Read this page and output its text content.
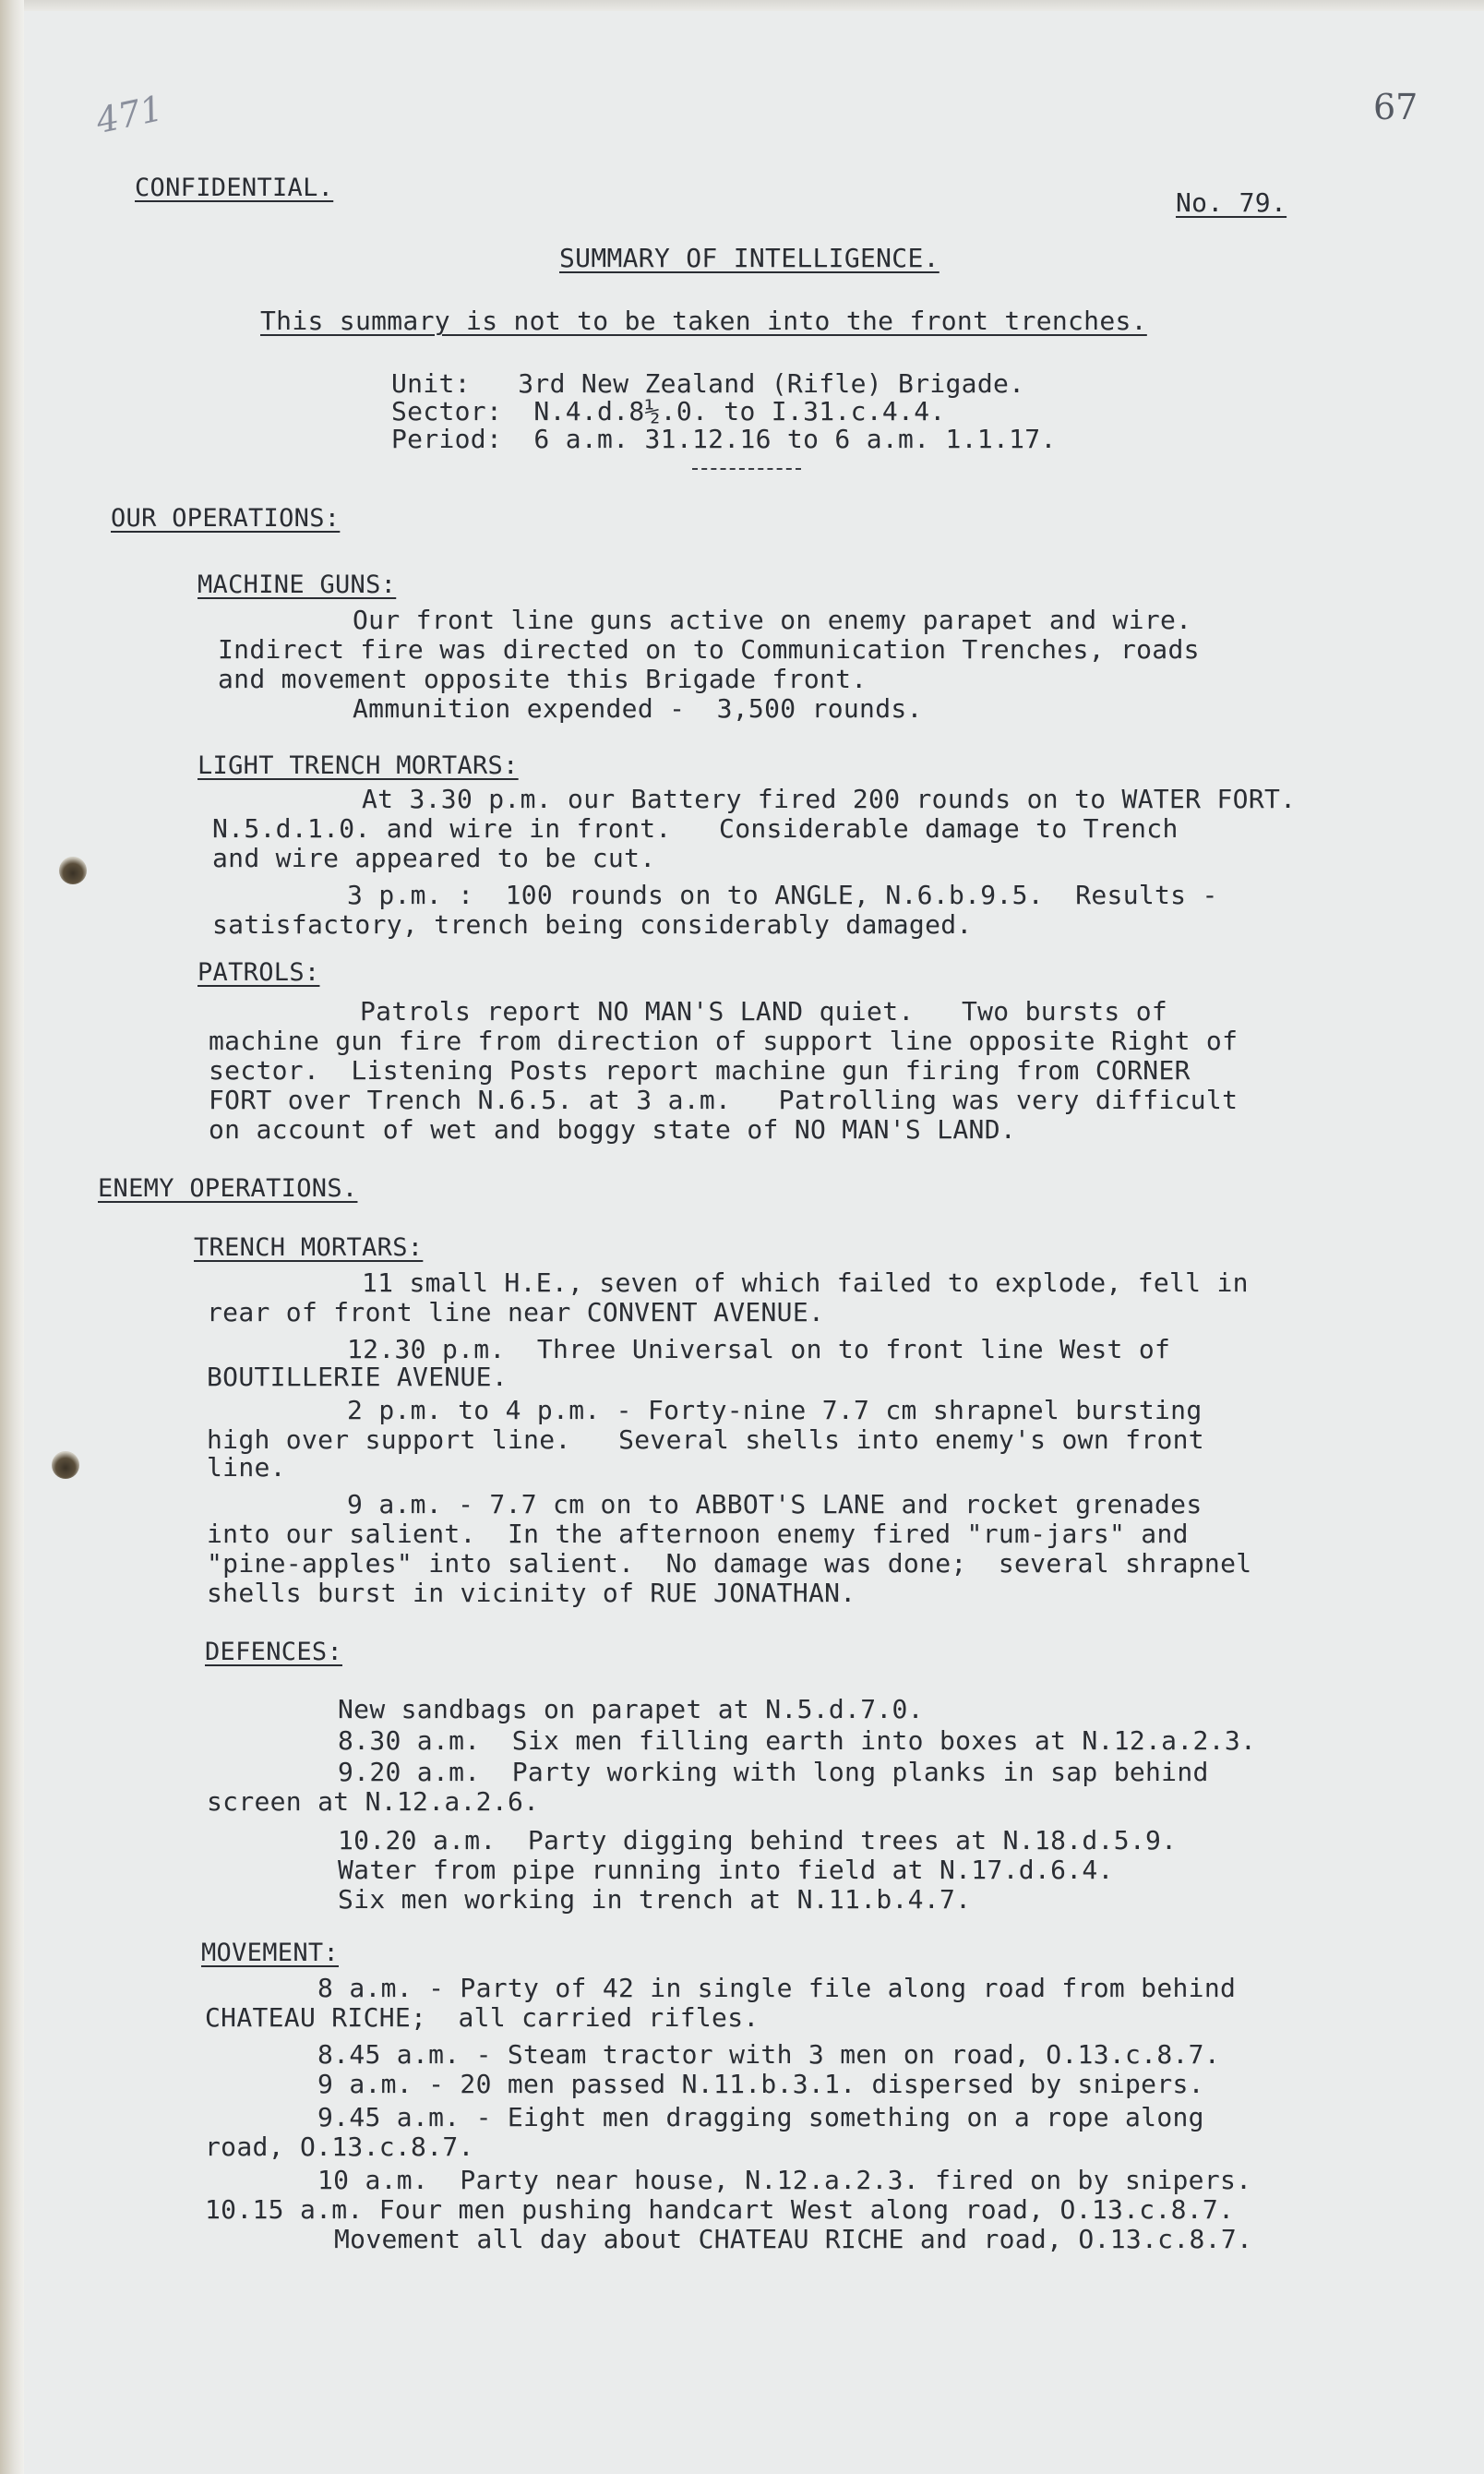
471	67
CONFIDENTIAL.	No. 79.
SUMMARY OF INTELLIGENCE.
This summary is not to be taken into the front trenches.
Unit:   3rd New Zealand (Rifle) Brigade.
Sector:  N.4.d.8½.0. to I.31.c.4.4.
Period:  6 a.m. 31.12.16 to 6 a.m. 1.1.17.
OUR OPERATIONS:
MACHINE GUNS:
Our front line guns active on enemy parapet and wire.
Indirect fire was directed on to Communication Trenches, roads
and movement opposite this Brigade front.
Ammunition expended -  3,500 rounds.
LIGHT TRENCH MORTARS:
At 3.30 p.m. our Battery fired 200 rounds on to WATER FORT.
N.5.d.1.0. and wire in front.   Considerable damage to Trench
and wire appeared to be cut.
3 p.m. :  100 rounds on to ANGLE, N.6.b.9.5.  Results -
satisfactory, trench being considerably damaged.
PATROLS:
Patrols report NO MAN'S LAND quiet.   Two bursts of
machine gun fire from direction of support line opposite Right of
sector.  Listening Posts report machine gun firing from CORNER
FORT over Trench N.6.5. at 3 a.m.   Patrolling was very difficult
on account of wet and boggy state of NO MAN'S LAND.
ENEMY OPERATIONS.
TRENCH MORTARS:
11 small H.E., seven of which failed to explode, fell in
rear of front line near CONVENT AVENUE.
12.30 p.m.  Three Universal on to front line West of
BOUTILLERIE AVENUE.
2 p.m. to 4 p.m. - Forty-nine 7.7 cm shrapnel bursting
high over support line.   Several shells into enemy's own front
line.
9 a.m. - 7.7 cm on to ABBOT'S LANE and rocket grenades
into our salient.  In the afternoon enemy fired "rum-jars" and
"pine-apples" into salient.  No damage was done;  several shrapnel
shells burst in vicinity of RUE JONATHAN.
DEFENCES:
New sandbags on parapet at N.5.d.7.0.
8.30 a.m.  Six men filling earth into boxes at N.12.a.2.3.
9.20 a.m.  Party working with long planks in sap behind
screen at N.12.a.2.6.
10.20 a.m.  Party digging behind trees at N.18.d.5.9.
Water from pipe running into field at N.17.d.6.4.
Six men working in trench at N.11.b.4.7.
MOVEMENT:
8 a.m. - Party of 42 in single file along road from behind
CHATEAU RICHE;  all carried rifles.
8.45 a.m. - Steam tractor with 3 men on road, O.13.c.8.7.
9 a.m. - 20 men passed N.11.b.3.1. dispersed by snipers.
9.45 a.m. - Eight men dragging something on a rope along
road, O.13.c.8.7.
10 a.m.  Party near house, N.12.a.2.3. fired on by snipers.
10.15 a.m. Four men pushing handcart West along road, O.13.c.8.7.
Movement all day about CHATEAU RICHE and road, O.13.c.8.7.
